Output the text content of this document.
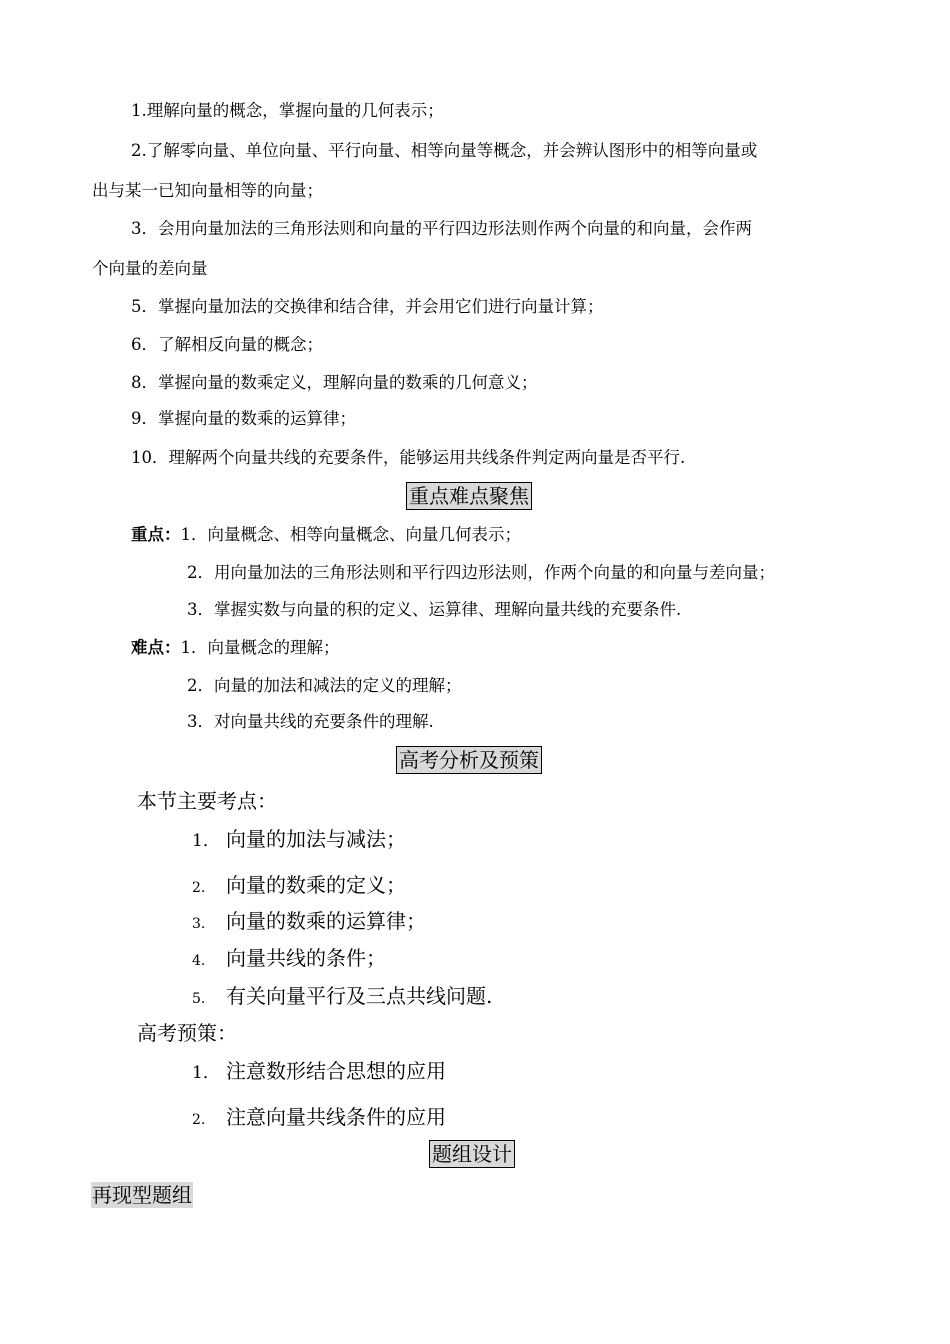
1.理解向量的概念，掌握向量的几何表示；
2.了解零向量、单位向量、平行向量、相等向量等概念，并会辨认图形中的相等向量或
出与某一已知向量相等的向量；
3．会用向量加法的三角形法则和向量的平行四边形法则作两个向量的和向量，会作两
个向量的差向量
5．掌握向量加法的交换律和结合律，并会用它们进行向量计算；
6．了解相反向量的概念；
8．掌握向量的数乘定义，理解向量的数乘的几何意义；
9．掌握向量的数乘的运算律；
10．理解两个向量共线的充要条件，能够运用共线条件判定两向量是否平行.
重点难点聚焦
重点：1．向量概念、相等向量概念、向量几何表示；
2．用向量加法的三角形法则和平行四边形法则，作两个向量的和向量与差向量；
3．掌握实数与向量的积的定义、运算律、理解向量共线的充要条件.
难点：1．向量概念的理解；
2．向量的加法和减法的定义的理解；
3．对向量共线的充要条件的理解.
高考分析及预策
本节主要考点：
1． 向量的加法与减法；
2. 向量的数乘的定义；
3. 向量的数乘的运算律；
4. 向量共线的条件；
5. 有关向量平行及三点共线问题.
高考预策：
1． 注意数形结合思想的应用
2. 注意向量共线条件的应用
题组设计
再现型题组
